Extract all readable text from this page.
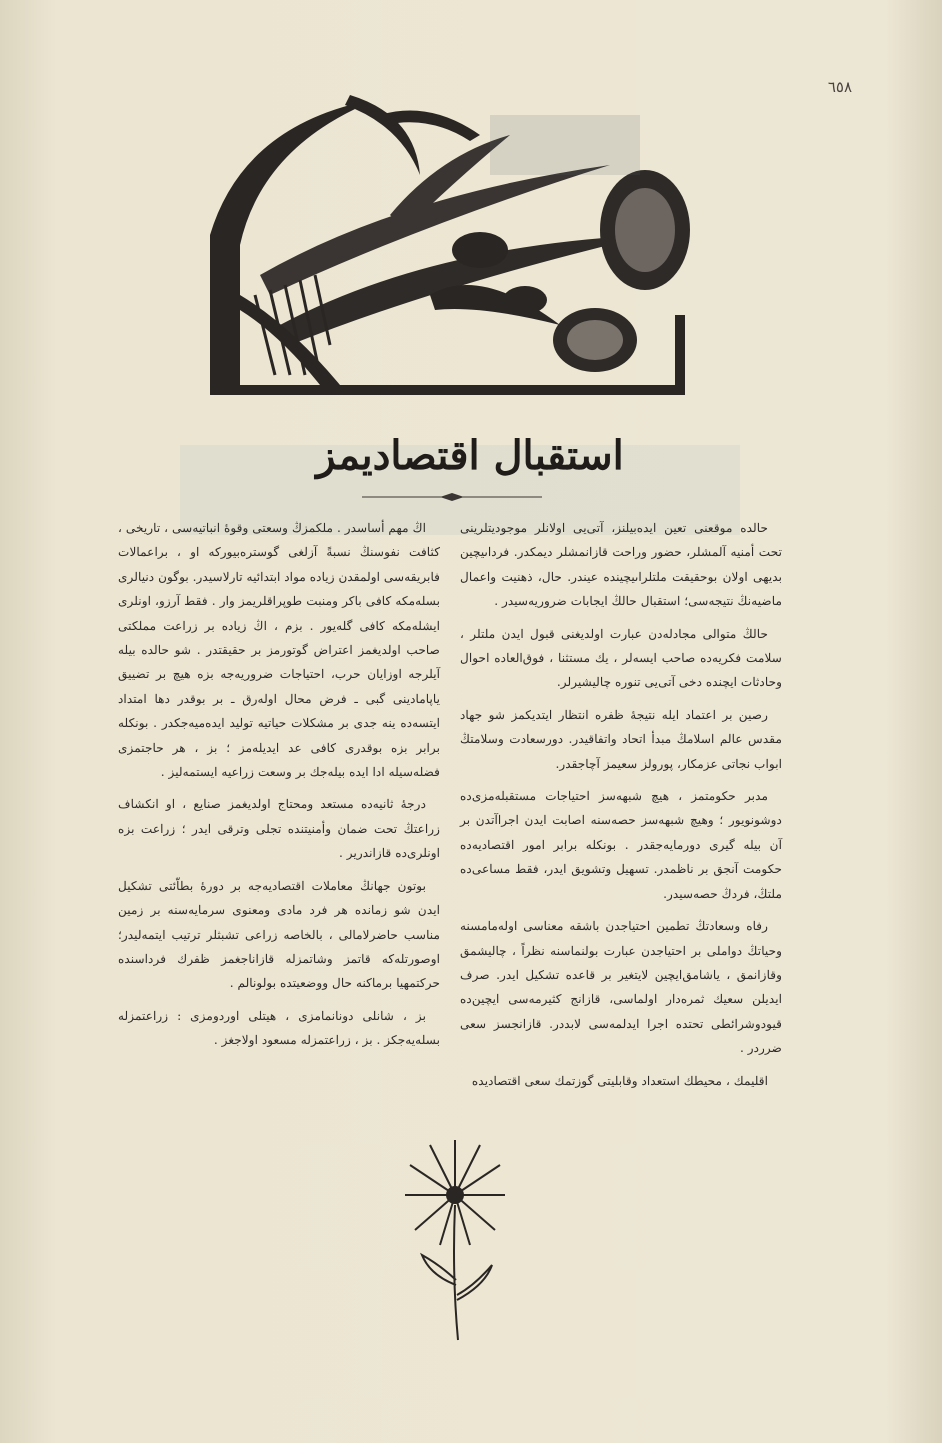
٦٥٨
استقبال اقتصاديمز

حالده موقعنى تعين ايده‌بيلنز، آتى‌يى اولانلر موجوديتلرينى تحت أمنيه آلمشلر، حضور وراحت قازانمشلر ديمكدر. فرداىيچين بديهى اولان بوحقيقت ملتلراىيچينده عيندر. حال، ذهنيت واعمال ماضيه‌نڭ نتيجه‌سى؛ استقبال حالڭ ايجابات ضروريه‌سيدر .

حالڭ متوالى مجادله‌دن عبارت اولديغنى قبول ايدن ملتلر ، سلامت فكريه‌ده صاحب ايسه‌لر ، يك مستثنا ، فوق‌العاده احوال وحادثات ايچنده دخى آتى‌يى تنوره چاليشيرلر.

رصين بر اعتماد ايله نتيجهٔ ظفره انتظار ايتديكمز شو جهاد مقدس عالم اسلامڭ مبدأ اتحاد واتفاقيدر. دورسعادت وسلامتڭ ابواب نجاتى عزمكار، پورولز سعيمز آچاجقدر.

مدبر حكومتمز ، هيچ شبهه‌سز احتياجات مستقبله‌مزى‌ده دوشونويور ؛ وهيچ شبهه‌سز حصه‌سنه اصابت ايدن اجراآتدن بر آن بيله گيرى دورمايه‌جقدر . بونكله برابر امور اقتصاديه‌ده حكومت آنجق بر ناظمدر. تسهيل وتشويق ايدر، فقط مساعى‌ده ملتڭ، فردڭ حصه‌سيدر.

رفاه وسعادتڭ تطمين احتياجدن باشقه معناسى اوله‌مامسنه وحياتڭ دواملى بر احتياجدن عبارت بولنماسنه نظراً ، چاليشمق وقازانمق ، ياشامق‌ايچين لايتغير بر قاعده تشكيل ايدر. صرف ايديلن سعيك ثمره‌دار اولماسى، قازانج كثيرمه‌سى ايچين‌ده قيودوشرائطى تحتده اجرا ايدلمه‌سى لابددر. قازانجسز سعى ضرردر .

اقليمك ، محيطك استعداد وقابليتى گوزتمك سعى اقتصاديده

اڭ مهم أساسدر . ملكمزڭ وسعتى وقوهٔ انباتيه‌سى ، تاريخى ، كثافت نفوسنڭ نسبةً آزلغى گوستره‌بيوركه او ، براعمالات فابريقه‌سى اولمقدن زياده مواد ابتدائيه تارلاسيدر. بوگون دنيالرى بسله‌مكه كافى باكر ومنبت طوپراقلريمز وار . فقط آرزو، اونلرى ايشله‌مكه كافى گله‌يور . بزم ، اڭ زياده بر زراعت مملكتى صاحب اولديغمز اعتراض گوتورمز بر حقيقتدر . شو حالده بيله آيلرجه اوزايان حرب، احتياجات ضروريه‌جه بزه هيچ بر تضييق ياپامادينى گبى ـ فرض محال اولەرق ـ بر بوقدر دها امتداد ايتسه‌ده ينه جدى بر مشكلات حياتيه توليد ايده‌ميه‌جكدر . بونكله برابر بزه بوقدرى كافى عد ايديله‌مز ؛ بز ، هر حاجتمزى فضله‌سيله ادا ايده بيله‌جك بر وسعت زراعيه ايستمه‌ليز .

درجهٔ ثانيه‌ده مستعد ومحتاج اولديغمز صنايع ، او انكشاف زراعتڭ تحت ضمان وأمنيتنده تجلى وترقى ايدر ؛ زراعت بزه اونلرى‌ده قازاندرير .

بوتون جهانڭ معاملات اقتصاديه‌جه بر دورهٔ بطاّئتى تشكيل ايدن شو زمانده هر فرد مادى ومعنوى سرمايه‌سنه بر زمين مناسب حاضرلامالى ، بالخاصه زراعى تشبثلر ترتيب ايتمه‌ليدر؛ اوصورتله‌كه قاتمز وشاتمزله قازاناجغمز ظفرك فرداسنده حركتمهيا برماكنه حال ووضعيتده بولونالم .

بز ، شانلى دونانمامزى ، هيتلى اوردومزى : زراعتمزله بسله‌يه‌جكز . بز ، زراعتمزله مسعود اولاجغز .
